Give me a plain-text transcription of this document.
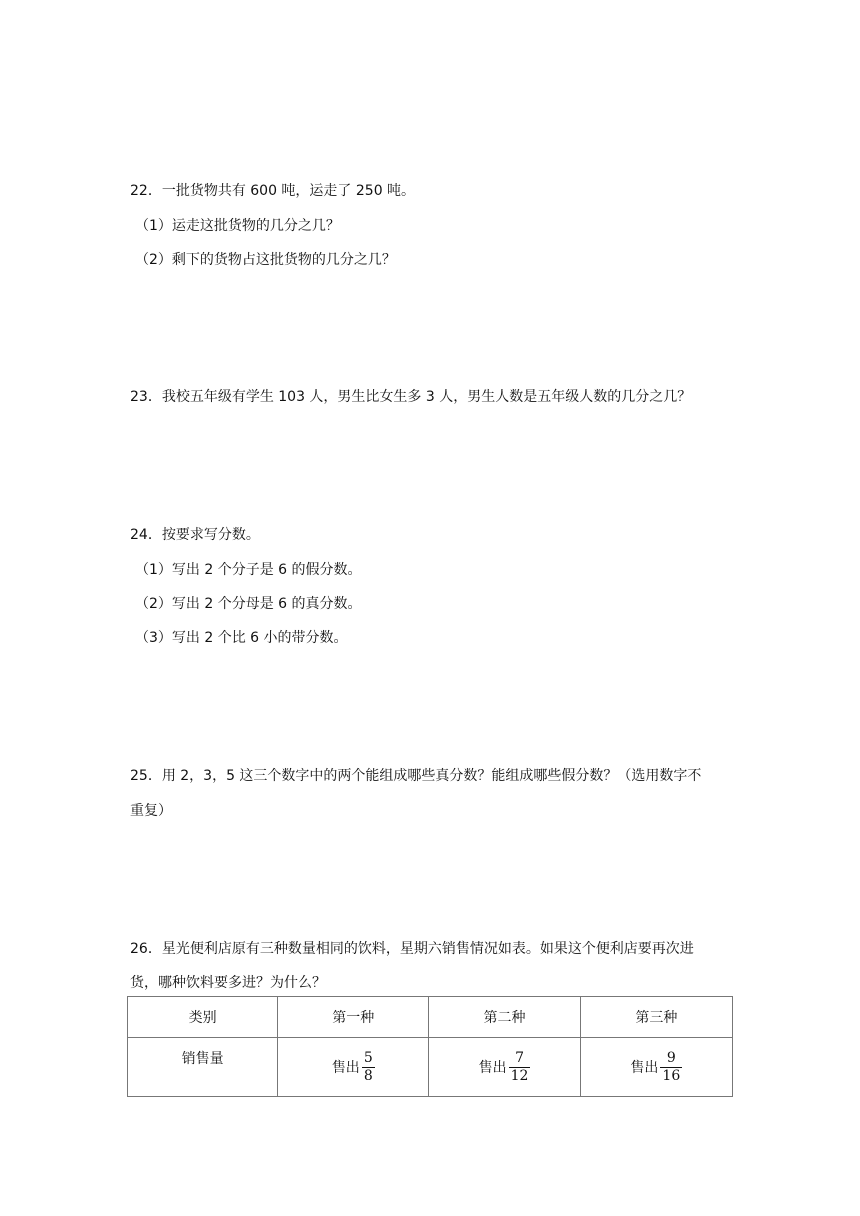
22．一批货物共有 600 吨，运走了 250 吨。
（1）运走这批货物的几分之几？
（2）剩下的货物占这批货物的几分之几？
23．我校五年级有学生 103 人，男生比女生多 3 人，男生人数是五年级人数的几分之几？
24．按要求写分数。
（1）写出 2 个分子是 6 的假分数。
（2）写出 2 个分母是 6 的真分数。
（3）写出 2 个比 6 小的带分数。
25．用 2，3，5 这三个数字中的两个能组成哪些真分数？能组成哪些假分数？（选用数字不
重复）
26．星光便利店原有三种数量相同的饮料，星期六销售情况如表。如果这个便利店要再次进
货，哪种饮料要多进？为什么？
类别	第一种	第二种	第三种
销售量	售出 $\frac{5}{8}$	售出 $\frac{7}{12}$	售出 $\frac{9}{16}$
